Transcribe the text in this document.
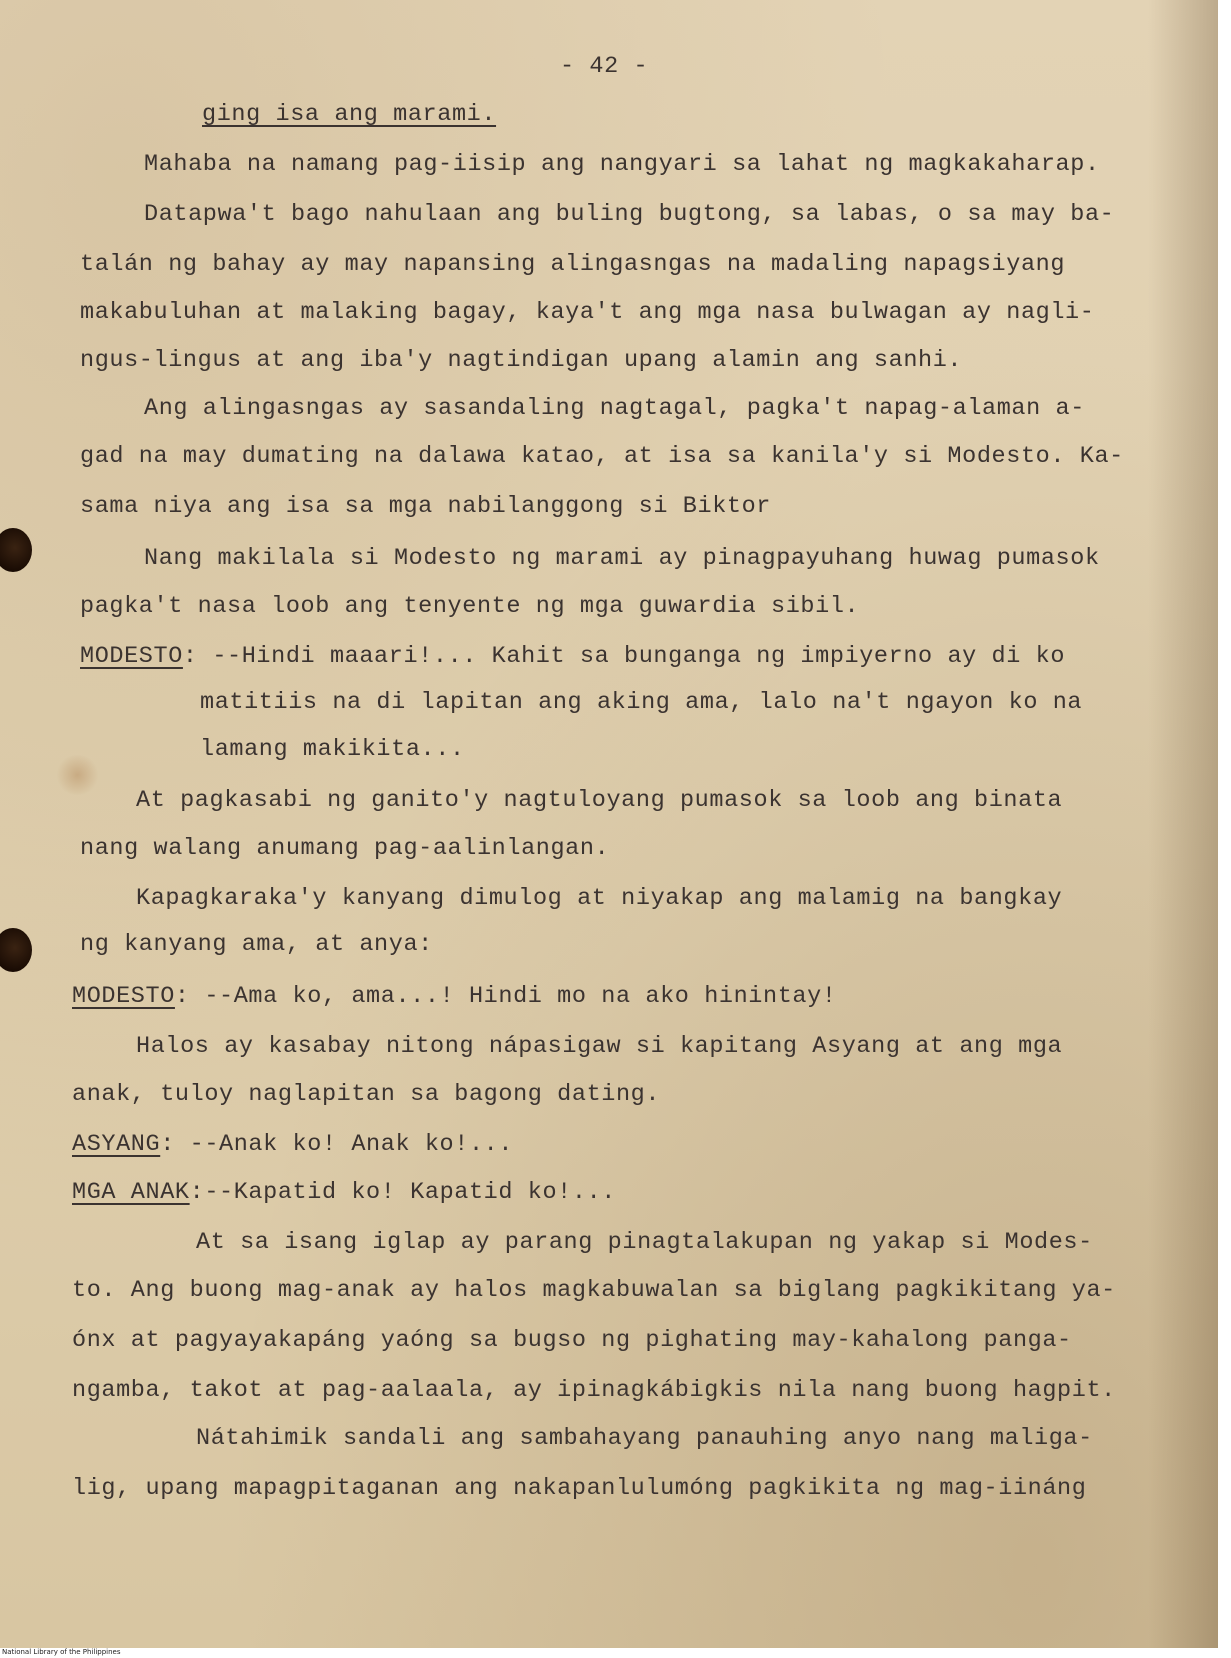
- 42 -
ging isa ang marami.
Mahaba na namang pag-iisip ang nangyari sa lahat ng magkakaharap.
Datapwa't bago nahulaan ang buling bugtong, sa labas, o sa may ba-
talán ng bahay ay may napansing alingasngas na madaling napagsiyang
makabuluhan at malaking bagay, kaya't ang mga nasa bulwagan ay nagli-
ngus-lingus at ang iba'y nagtindigan upang alamin ang sanhi.
Ang alingasngas ay sasandaling nagtagal, pagka't napag-alaman a-
gad na may dumating na dalawa katao, at isa sa kanila'y si Modesto. Ka-
sama niya ang isa sa mga nabilanggong si Biktor
Nang makilala si Modesto ng marami ay pinagpayuhang huwag pumasok
pagka't nasa loob ang tenyente ng mga guwardia sibil.
MODESTO: --Hindi maaari!... Kahit sa bunganga ng impiyerno ay di ko
matitiis na di lapitan ang aking ama, lalo na't ngayon ko na
lamang makikita...
At pagkasabi ng ganito'y nagtuloyang pumasok sa loob ang binata
nang walang anumang pag-aalinlangan.
Kapagkaraka'y kanyang dimulog at niyakap ang malamig na bangkay
ng kanyang ama, at anya:
MODESTO: --Ama ko, ama...! Hindi mo na ako hinintay!
Halos ay kasabay nitong nápasigaw si kapitang Asyang at ang mga
anak, tuloy naglapitan sa bagong dating.
ASYANG: --Anak ko! Anak ko!...
MGA ANAK:--Kapatid ko! Kapatid ko!...
At sa isang iglap ay parang pinagtalakupan ng yakap si Modes-
to. Ang buong mag-anak ay halos magkabuwalan sa biglang pagkikitang ya-
ónx at pagyayakapáng yaóng sa bugso ng pighating may-kahalong panga-
ngamba, takot at pag-aalaala, ay ipinagkábigkis nila nang buong hagpit.
Nátahimik sandali ang sambahayang panauhing anyo nang maliga-
lig, upang mapagpitaganan ang nakapanlulumóng pagkikita ng mag-iináng
National Library of the Philippines
